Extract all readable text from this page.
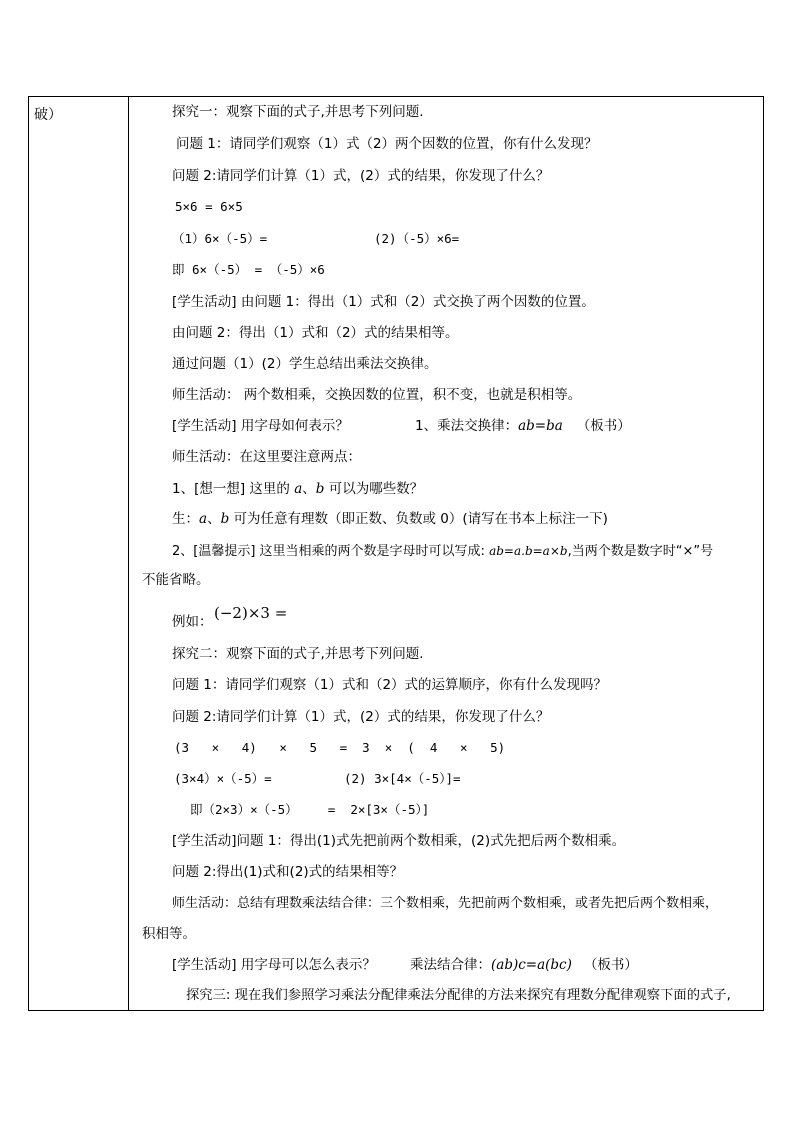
破）	探究一：观察下面的式子,并思考下列问题.
问题 1：请同学们观察（1）式（2）两个因数的位置，你有什么发现？
问题 2:请同学们计算（1）式，(2）式的结果，你发现了什么？
5×6 = 6×5
（1）6×（-5）=	(2)（-5）×6=
即 6×（-5） = （-5）×6
[学生活动] 由问题 1：得出（1）式和（2）式交换了两个因数的位置。
由问题 2：得出（1）式和（2）式的结果相等。
通过问题（1）(2）学生总结出乘法交换律。
师生活动： 两个数相乘，交换因数的位置，积不变，也就是积相等。
[学生活动] 用字母如何表示？	1、乘法交换律：ab=ba （板书）
师生活动：在这里要注意两点：
1、[想一想] 这里的 a、b 可以为哪些数？
生：a、b 可为任意有理数（即正数、负数或 0）(请写在书本上标注一下)
2、[温馨提示] 这里当相乘的两个数是字母时可以写成: ab=a.b=a×b,当两个数是数字时“×”号
不能省略。
例如： (−2)×3 =
探究二：观察下面的式子,并思考下列问题.
问题 1：请同学们观察（1）式和（2）式的运算顺序，你有什么发现吗？
问题 2:请同学们计算（1）式，(2）式的结果，你发现了什么？
(3   ×   4)   ×   5   =  3  ×  (  4   ×   5)
(3×4）×（-5）=	(2) 3×[4×（-5）]=
即（2×3）×（-5）    =  2×[3×（-5）]
[学生活动]问题 1：得出(1)式先把前两个数相乘，(2)式先把后两个数相乘。
问题 2:得出(1)式和(2)式的结果相等？
师生活动：总结有理数乘法结合律：三个数相乘，先把前两个数相乘，或者先把后两个数相乘，
积相等。
[学生活动] 用字母可以怎么表示？	乘法结合律：(ab)c=a(bc) （板书）
探究三: 现在我们参照学习乘法分配律乘法分配律的方法来探究有理数分配律观察下面的式子,
